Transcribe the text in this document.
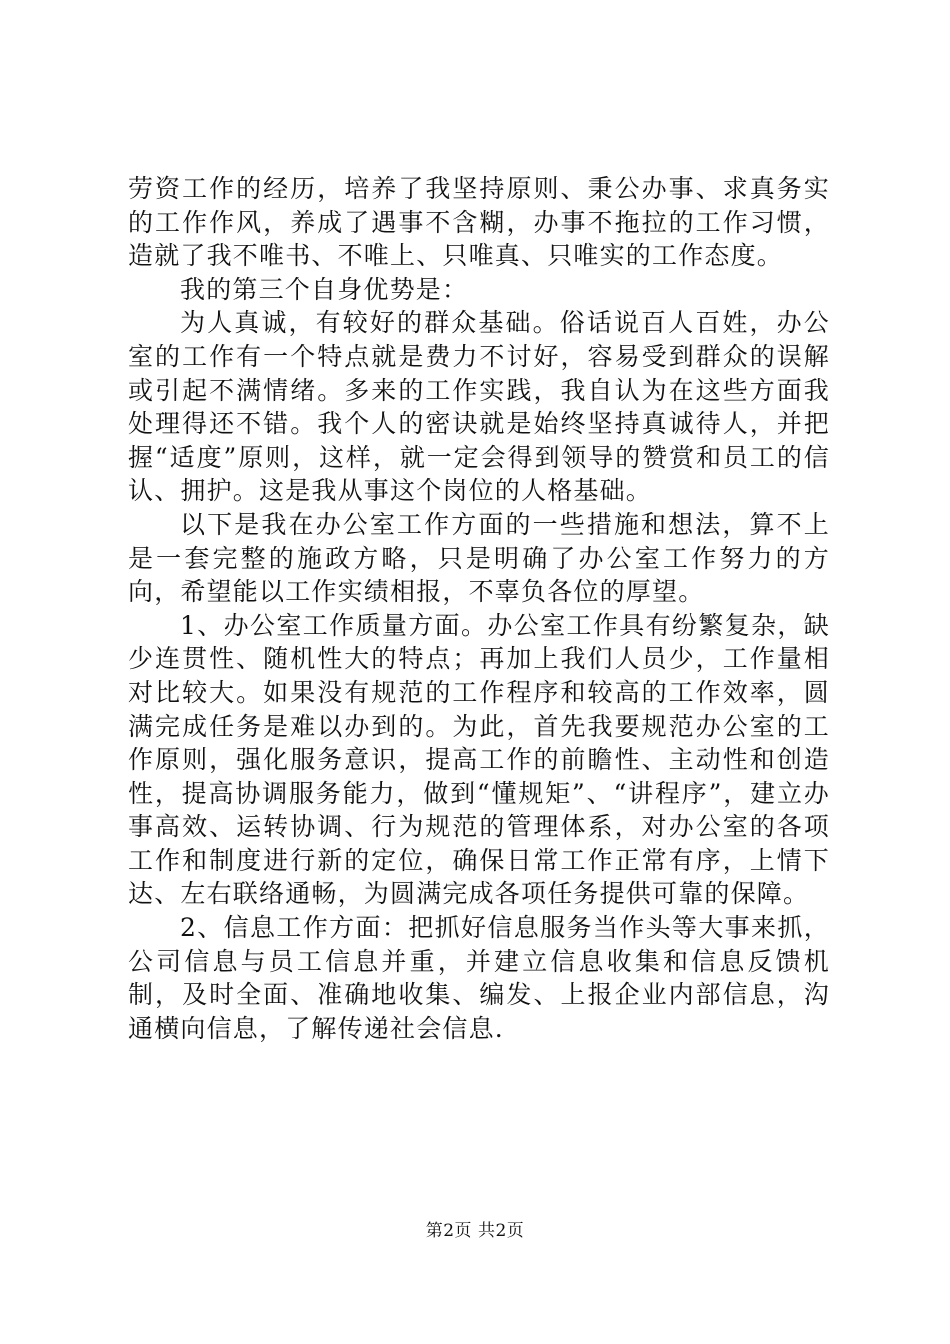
劳资工作的经历，培养了我坚持原则、秉公办事、求真务实的工作作风，养成了遇事不含糊，办事不拖拉的工作习惯，造就了我不唯书、不唯上、只唯真、只唯实的工作态度。

我的第三个自身优势是：

为人真诚，有较好的群众基础。俗话说百人百姓，办公室的工作有一个特点就是费力不讨好，容易受到群众的误解或引起不满情绪。多来的工作实践，我自认为在这些方面我处理得还不错。我个人的密诀就是始终坚持真诚待人，并把握“适度”原则，这样，就一定会得到领导的赞赏和员工的信认、拥护。这是我从事这个岗位的人格基础。

以下是我在办公室工作方面的一些措施和想法，算不上是一套完整的施政方略，只是明确了办公室工作努力的方向，希望能以工作实绩相报，不辜负各位的厚望。

1、办公室工作质量方面。办公室工作具有纷繁复杂，缺少连贯性、随机性大的特点；再加上我们人员少，工作量相对比较大。如果没有规范的工作程序和较高的工作效率，圆满完成任务是难以办到的。为此，首先我要规范办公室的工作原则，强化服务意识，提高工作的前瞻性、主动性和创造性，提高协调服务能力，做到“懂规矩”、“讲程序”，建立办事高效、运转协调、行为规范的管理体系，对办公室的各项工作和制度进行新的定位，确保日常工作正常有序，上情下达、左右联络通畅，为圆满完成各项任务提供可靠的保障。

2、信息工作方面：把抓好信息服务当作头等大事来抓，公司信息与员工信息并重，并建立信息收集和信息反馈机制，及时全面、准确地收集、编发、上报企业内部信息，沟通横向信息，了解传递社会信息.

第2页 共2页
